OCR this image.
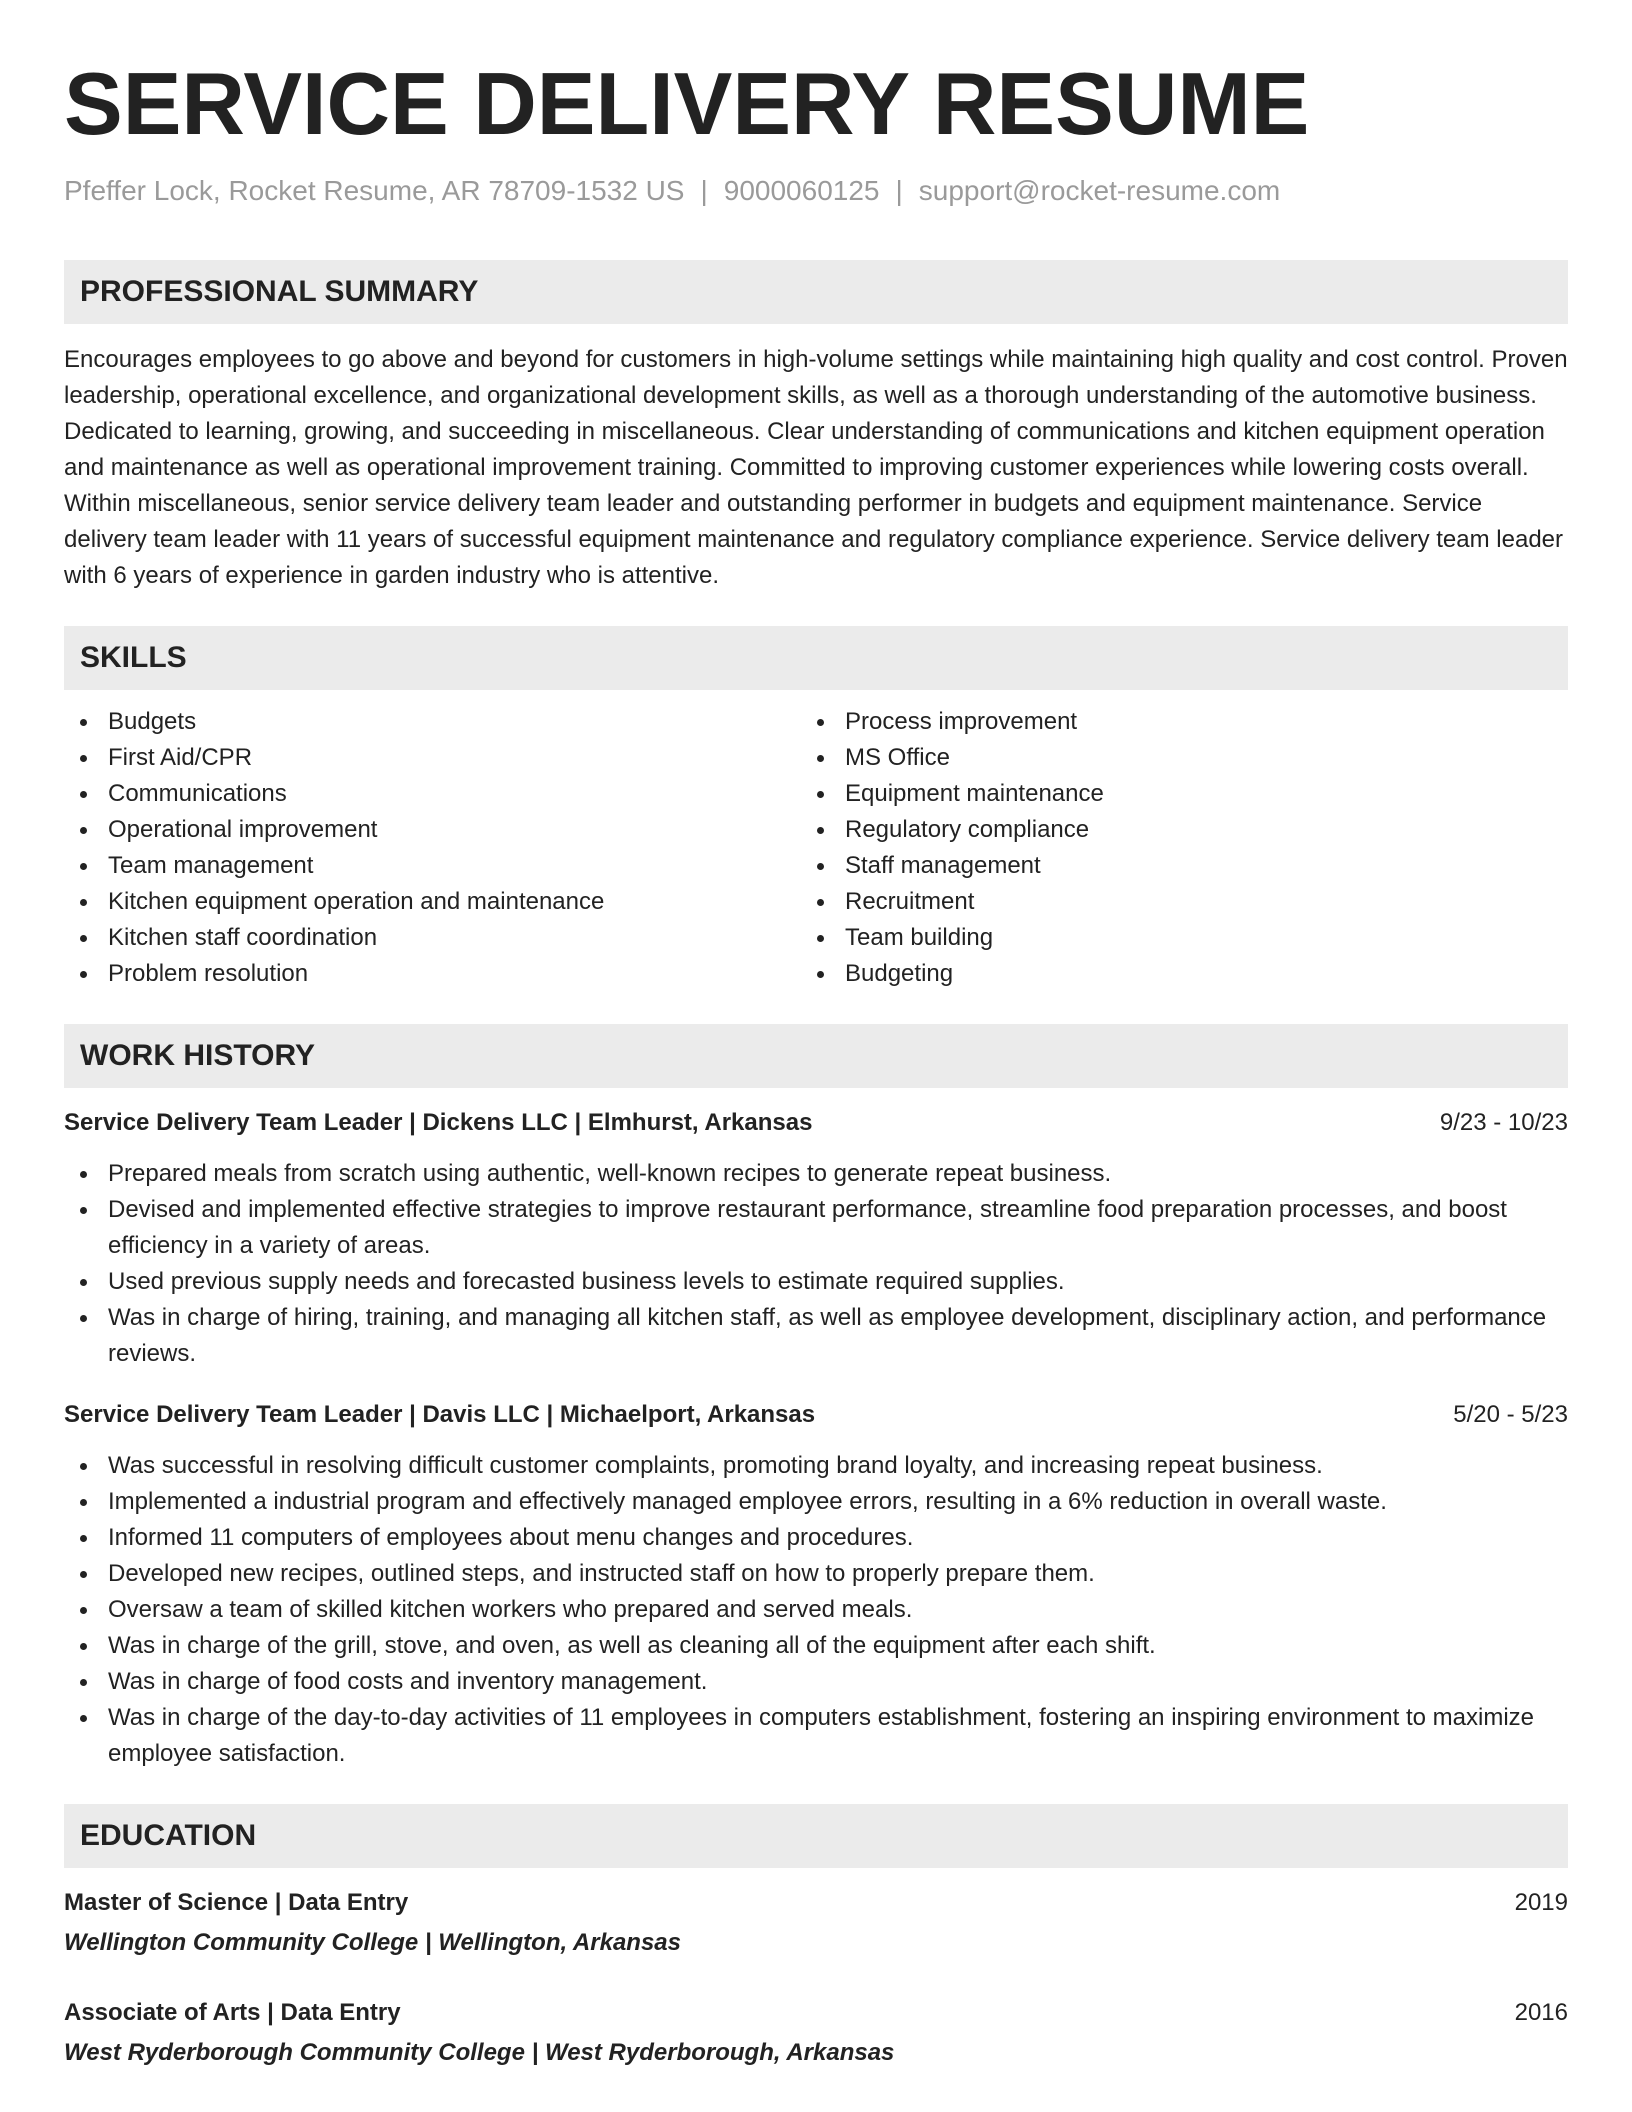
SERVICE DELIVERY RESUME
Pfeffer Lock, Rocket Resume, AR 78709-1532 US | 9000060125 | support@rocket-resume.com
PROFESSIONAL SUMMARY
Encourages employees to go above and beyond for customers in high-volume settings while maintaining high quality and cost control. Proven leadership, operational excellence, and organizational development skills, as well as a thorough understanding of the automotive business. Dedicated to learning, growing, and succeeding in miscellaneous. Clear understanding of communications and kitchen equipment operation and maintenance as well as operational improvement training. Committed to improving customer experiences while lowering costs overall. Within miscellaneous, senior service delivery team leader and outstanding performer in budgets and equipment maintenance. Service delivery team leader with 11 years of successful equipment maintenance and regulatory compliance experience. Service delivery team leader with 6 years of experience in garden industry who is attentive.
SKILLS
Budgets
First Aid/CPR
Communications
Operational improvement
Team management
Kitchen equipment operation and maintenance
Kitchen staff coordination
Problem resolution
Process improvement
MS Office
Equipment maintenance
Regulatory compliance
Staff management
Recruitment
Team building
Budgeting
WORK HISTORY
Service Delivery Team Leader | Dickens LLC | Elmhurst, Arkansas	9/23 - 10/23
Prepared meals from scratch using authentic, well-known recipes to generate repeat business.
Devised and implemented effective strategies to improve restaurant performance, streamline food preparation processes, and boost efficiency in a variety of areas.
Used previous supply needs and forecasted business levels to estimate required supplies.
Was in charge of hiring, training, and managing all kitchen staff, as well as employee development, disciplinary action, and performance reviews.
Service Delivery Team Leader | Davis LLC | Michaelport, Arkansas	5/20 - 5/23
Was successful in resolving difficult customer complaints, promoting brand loyalty, and increasing repeat business.
Implemented a industrial program and effectively managed employee errors, resulting in a 6% reduction in overall waste.
Informed 11 computers of employees about menu changes and procedures.
Developed new recipes, outlined steps, and instructed staff on how to properly prepare them.
Oversaw a team of skilled kitchen workers who prepared and served meals.
Was in charge of the grill, stove, and oven, as well as cleaning all of the equipment after each shift.
Was in charge of food costs and inventory management.
Was in charge of the day-to-day activities of 11 employees in computers establishment, fostering an inspiring environment to maximize employee satisfaction.
EDUCATION
Master of Science | Data Entry	2019
Wellington Community College | Wellington, Arkansas
Associate of Arts | Data Entry	2016
West Ryderborough Community College | West Ryderborough, Arkansas
